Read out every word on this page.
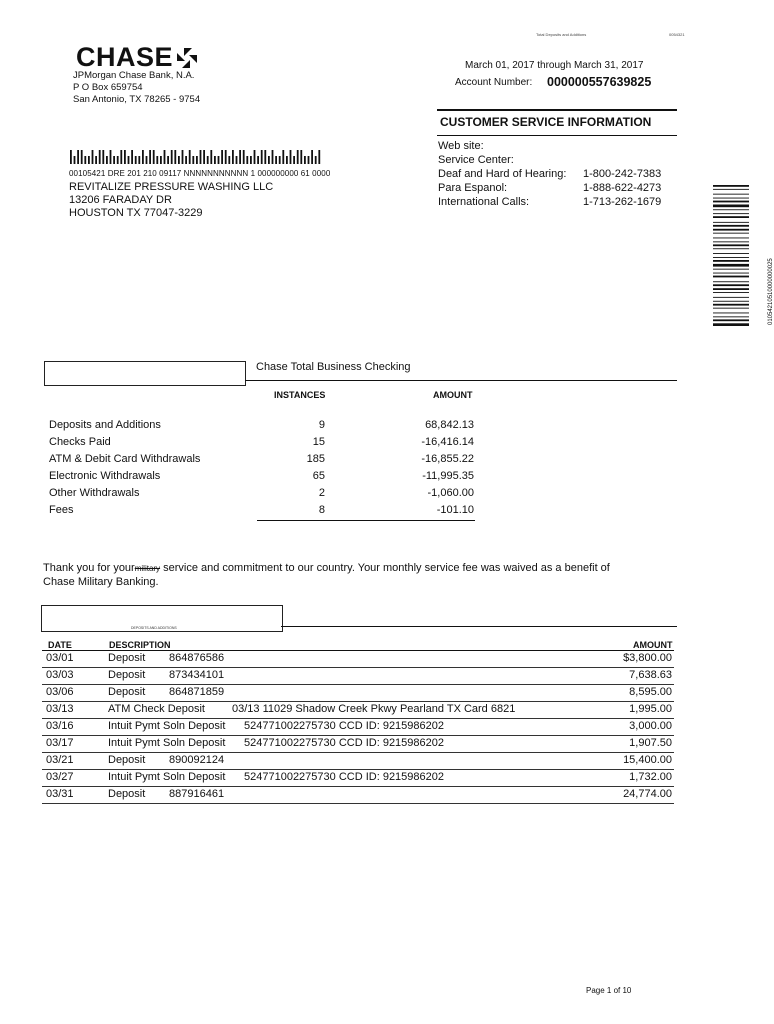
Total Deposits and Additions	0054321
CHASE
JPMorgan Chase Bank, N.A.
P O Box 659754
San Antonio, TX 78265 - 9754
March 01, 2017 through March 31, 2017
Account Number: 000000557639825
CUSTOMER SERVICE INFORMATION
Web site:
Service Center:
Deaf and Hard of Hearing: 1-800-242-7383
Para Espanol:	1-888-622-4273
International Calls:	1-713-262-1679
00105421 DRE 201 210 09117 NNNNNNNNNNN 1 000000000 61 0000
REVITALIZE PRESSURE WASHING LLC
13206 FARADAY DR
HOUSTON TX 77047-3229
01054210510000000025
Chase Total Business Checking
INSTANCES	AMOUNT
Deposits and Additions	9	68,842.13
Checks Paid	15	-16,416.14
ATM & Debit Card Withdrawals	185	-16,855.22
Electronic Withdrawals	65	-11,995.35
Other Withdrawals	2	-1,060.00
Fees	8	-101.10
Thank you for yourmilitary service and commitment to our country. Your monthly service fee was waived as a benefit of
Chase Military Banking.
DEPOSITS AND ADDITIONS
DATE	DESCRIPTION	AMOUNT
03/01	Deposit 864876586	$3,800.00
03/03	Deposit 873434101	7,638.63
03/06	Deposit 864871859	8,595.00
03/13	ATM Check Deposit 03/13 11029 Shadow Creek Pkwy Pearland TX Card 6821	1,995.00
03/16	Intuit Pymt Soln Deposit 524771002275730 CCD ID: 9215986202	3,000.00
03/17	Intuit Pymt Soln Deposit 524771002275730 CCD ID: 9215986202	1,907.50
03/21	Deposit 890092124	15,400.00
03/27	Intuit Pymt Soln Deposit 524771002275730 CCD ID: 9215986202	1,732.00
03/31	Deposit 887916461	24,774.00
Page 1 of 10
